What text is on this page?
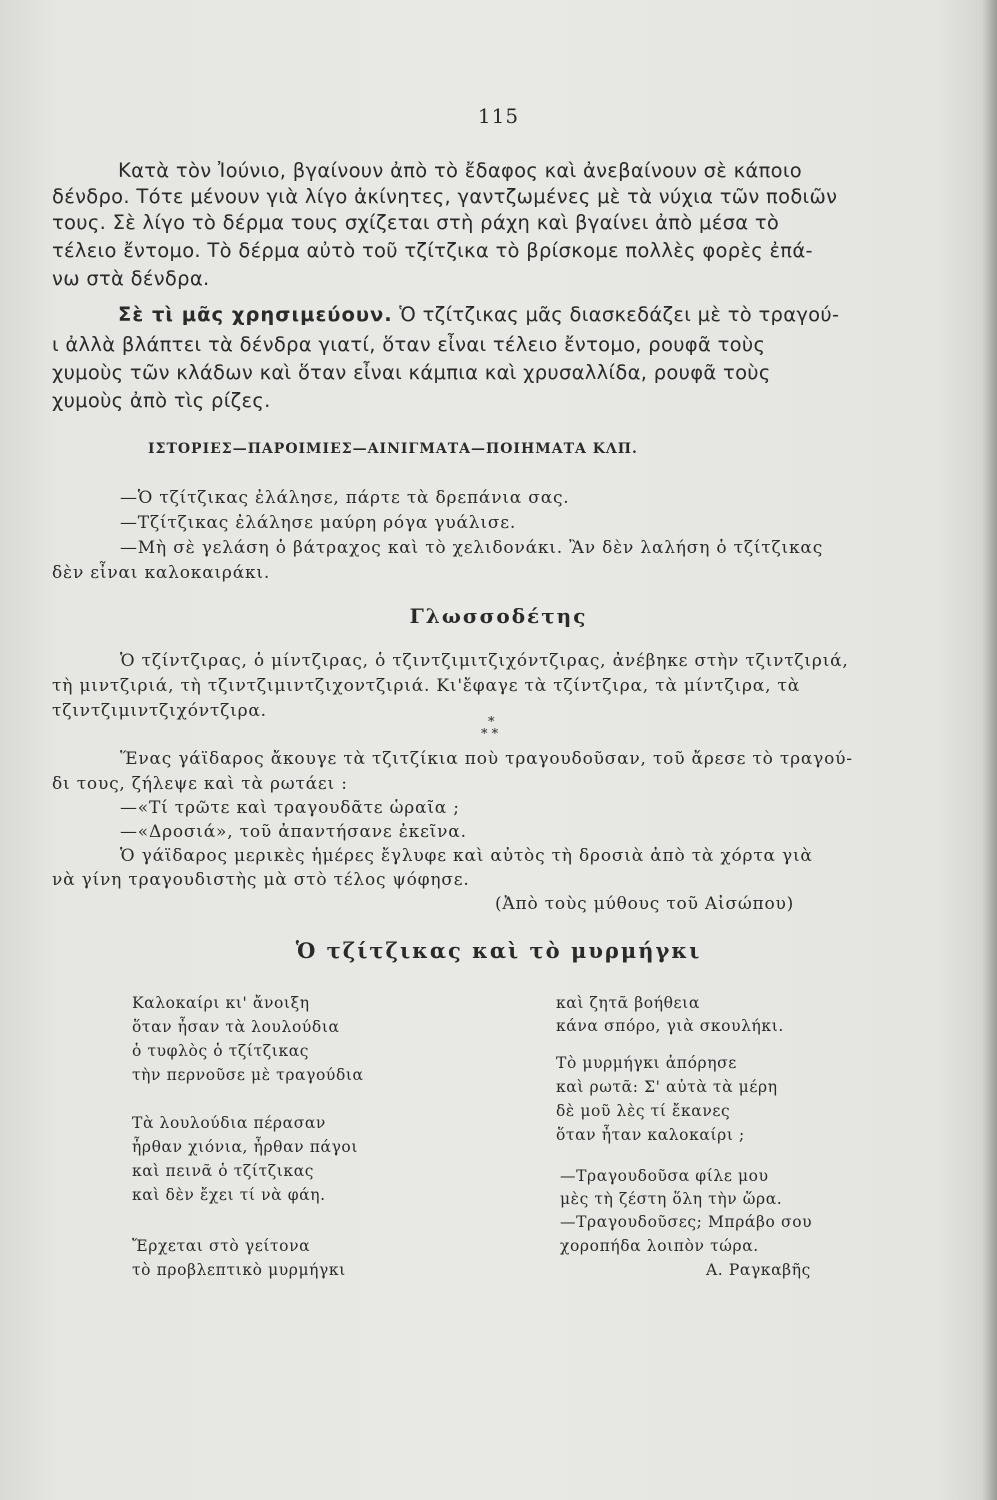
115
Κατὰ τὸν Ἰούνιο, βγαίνουν ἀπὸ τὸ ἔδαφος καὶ ἀνεβαίνουν σὲ κάποιο
δένδρο. Τότε μένουν γιὰ λίγο ἀκίνητες, γαντζωμένες μὲ τὰ νύχια τῶν ποδιῶν
τους. Σὲ λίγο τὸ δέρμα τους σχίζεται στὴ ράχη καὶ βγαίνει ἀπὸ μέσα τὸ
τέλειο ἔντομο. Τὸ δέρμα αὐτὸ τοῦ τζίτζικα τὸ βρίσκομε πολλὲς φορὲς ἐπά-
νω στὰ δένδρα.
Σὲ τὶ μᾶς χρησιμεύουν. Ὁ τζίτζικας μᾶς διασκεδάζει μὲ τὸ τραγού-
ι ἀλλὰ βλάπτει τὰ δένδρα γιατί, ὅταν εἶναι τέλειο ἔντομο, ρουφᾶ τοὺς
χυμοὺς τῶν κλάδων καὶ ὅταν εἶναι κάμπια καὶ χρυσαλλίδα, ρουφᾶ τοὺς
χυμοὺς ἀπὸ τὶς ρίζες.
ΙΣΤΟΡΙΕΣ—ΠΑΡΟΙΜΙΕΣ—ΑΙΝΙΓΜΑΤΑ—ΠΟΙΗΜΑΤΑ ΚΛΠ.
—Ὁ τζίτζικας ἐλάλησε, πάρτε τὰ δρεπάνια σας.
—Τζίτζικας ἐλάλησε μαύρη ρόγα γυάλισε.
—Μὴ σὲ γελάση ὁ βάτραχος καὶ τὸ χελιδονάκι. Ἂν δὲν λαλήση ὁ τζίτζικας
δὲν εἶναι καλοκαιράκι.
Γλωσσοδέτης
Ὁ τζίντζιρας, ὁ μίντζιρας, ὁ τζιντζιμιτζιχόντζιρας, ἀνέβηκε στὴν τζιντζιριά,
τὴ μιντζιριά, τὴ τζιντζιμιντζιχοντζιριά. Κι'ἔφαγε τὰ τζίντζιρα, τὰ μίντζιρα, τὰ
τζιντζιμιντζιχόντζιρα.
*
* *
Ἕνας γάϊδαρος ἄκουγε τὰ τζιτζίκια ποὺ τραγουδοῦσαν, τοῦ ἄρεσε τὸ τραγού-
δι τους, ζήλεψε καὶ τὰ ρωτάει :
—«Τί τρῶτε καὶ τραγουδᾶτε ὡραῖα ;
—«Δροσιά», τοῦ ἀπαντήσανε ἐκεῖνα.
Ὁ γάϊδαρος μερικὲς ἡμέρες ἔγλυφε καὶ αὐτὸς τὴ δροσιὰ ἀπὸ τὰ χόρτα γιὰ
νὰ γίνη τραγουδιστὴς μὰ στὸ τέλος ψόφησε.
(Ἀπὸ τοὺς μύθους τοῦ Αἰσώπου)
Ὁ τζίτζικας καὶ τὸ μυρμήγκι
Καλοκαίρι κι' ἄνοιξη
ὅταν ἦσαν τὰ λουλούδια
ὁ τυφλὸς ὁ τζίτζικας
τὴν περνοῦσε μὲ τραγούδια
Τὰ λουλούδια πέρασαν
ἦρθαν χιόνια, ἦρθαν πάγοι
καὶ πεινᾶ ὁ τζίτζικας
καὶ δὲν ἔχει τί νὰ φάη.
Ἔρχεται στὸ γείτονα
τὸ προβλεπτικὸ μυρμήγκι
καὶ ζητᾶ βοήθεια
κάνα σπόρο, γιὰ σκουλήκι.
Τὸ μυρμήγκι ἀπόρησε
καὶ ρωτᾶ: Σ' αὐτὰ τὰ μέρη
δὲ μοῦ λὲς τί ἔκανες
ὅταν ἦταν καλοκαίρι ;
—Τραγουδοῦσα φίλε μου
μὲς τὴ ζέστη ὅλη τὴν ὥρα.
—Τραγουδοῦσες; Μπράβο σου
χοροπήδα λοιπὸν τώρα.
Α. Ραγκαβῆς
